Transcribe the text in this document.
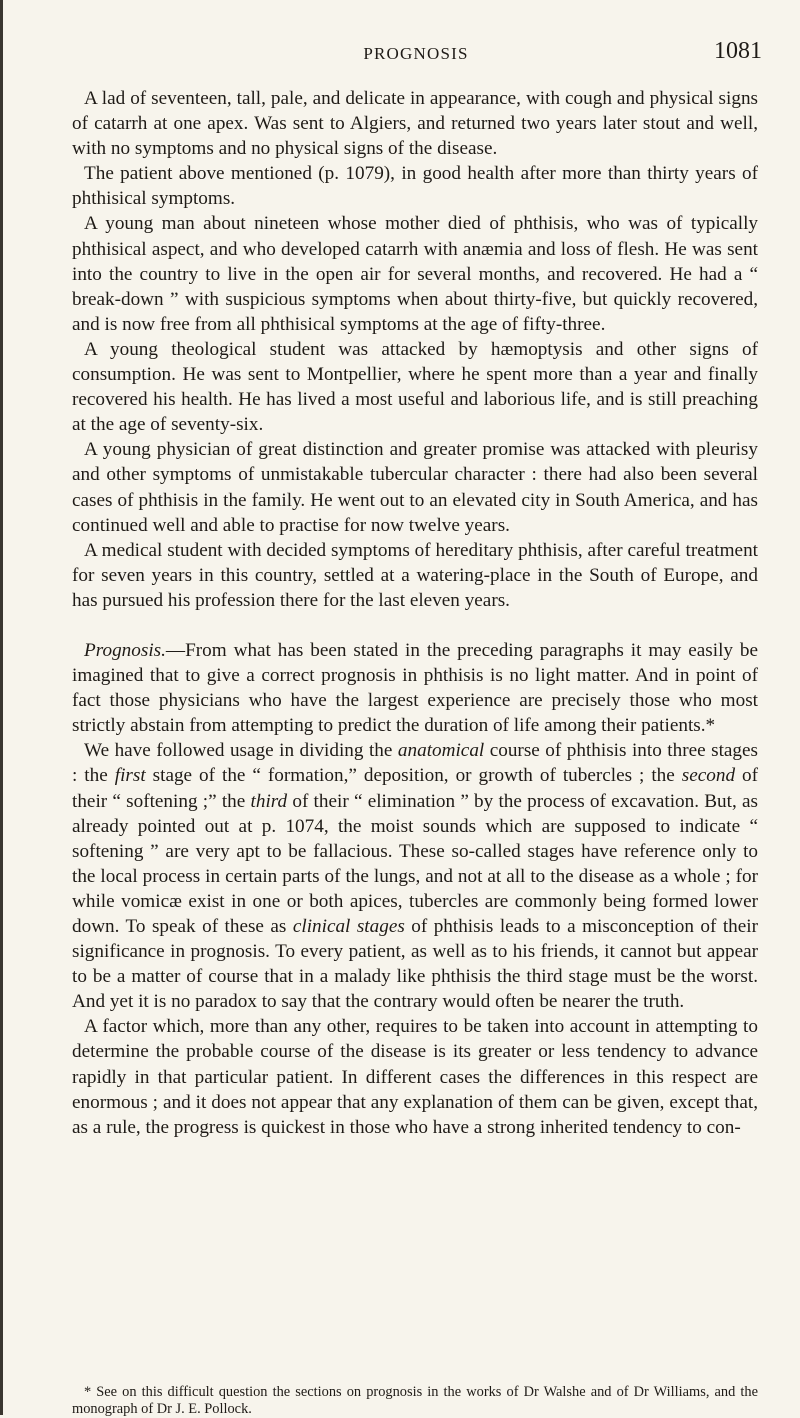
PROGNOSIS	1081

A lad of seventeen, tall, pale, and delicate in appearance, with cough and physical signs of catarrh at one apex. Was sent to Algiers, and returned two years later stout and well, with no symptoms and no physical signs of the disease.

The patient above mentioned (p. 1079), in good health after more than thirty years of phthisical symptoms.

A young man about nineteen whose mother died of phthisis, who was of typically phthisical aspect, and who developed catarrh with anæmia and loss of flesh. He was sent into the country to live in the open air for several months, and recovered. He had a “ break-down ” with suspicious symptoms when about thirty-five, but quickly recovered, and is now free from all phthisical symptoms at the age of fifty-three.

A young theological student was attacked by hæmoptysis and other signs of consumption. He was sent to Montpellier, where he spent more than a year and finally recovered his health. He has lived a most useful and laborious life, and is still preaching at the age of seventy-six.

A young physician of great distinction and greater promise was attacked with pleurisy and other symptoms of unmistakable tubercular character : there had also been several cases of phthisis in the family. He went out to an elevated city in South America, and has continued well and able to practise for now twelve years.

A medical student with decided symptoms of hereditary phthisis, after careful treatment for seven years in this country, settled at a watering-place in the South of Europe, and has pursued his profession there for the last eleven years.

Prognosis.—From what has been stated in the preceding paragraphs it may easily be imagined that to give a correct prognosis in phthisis is no light matter. And in point of fact those physicians who have the largest experience are precisely those who most strictly abstain from attempting to predict the duration of life among their patients.*

We have followed usage in dividing the anatomical course of phthisis into three stages : the first stage of the “ formation,” deposition, or growth of tubercles ; the second of their “ softening ;” the third of their “ elimination ” by the process of excavation. But, as already pointed out at p. 1074, the moist sounds which are supposed to indicate “ softening ” are very apt to be fallacious. These so-called stages have reference only to the local process in certain parts of the lungs, and not at all to the disease as a whole ; for while vomicæ exist in one or both apices, tubercles are commonly being formed lower down. To speak of these as clinical stages of phthisis leads to a misconception of their significance in prognosis. To every patient, as well as to his friends, it cannot but appear to be a matter of course that in a malady like phthisis the third stage must be the worst. And yet it is no paradox to say that the contrary would often be nearer the truth.

A factor which, more than any other, requires to be taken into account in attempting to determine the probable course of the disease is its greater or less tendency to advance rapidly in that particular patient. In different cases the differences in this respect are enormous ; and it does not appear that any explanation of them can be given, except that, as a rule, the progress is quickest in those who have a strong inherited tendency to con-

* See on this difficult question the sections on prognosis in the works of Dr Walshe and of Dr Williams, and the monograph of Dr J. E. Pollock.
